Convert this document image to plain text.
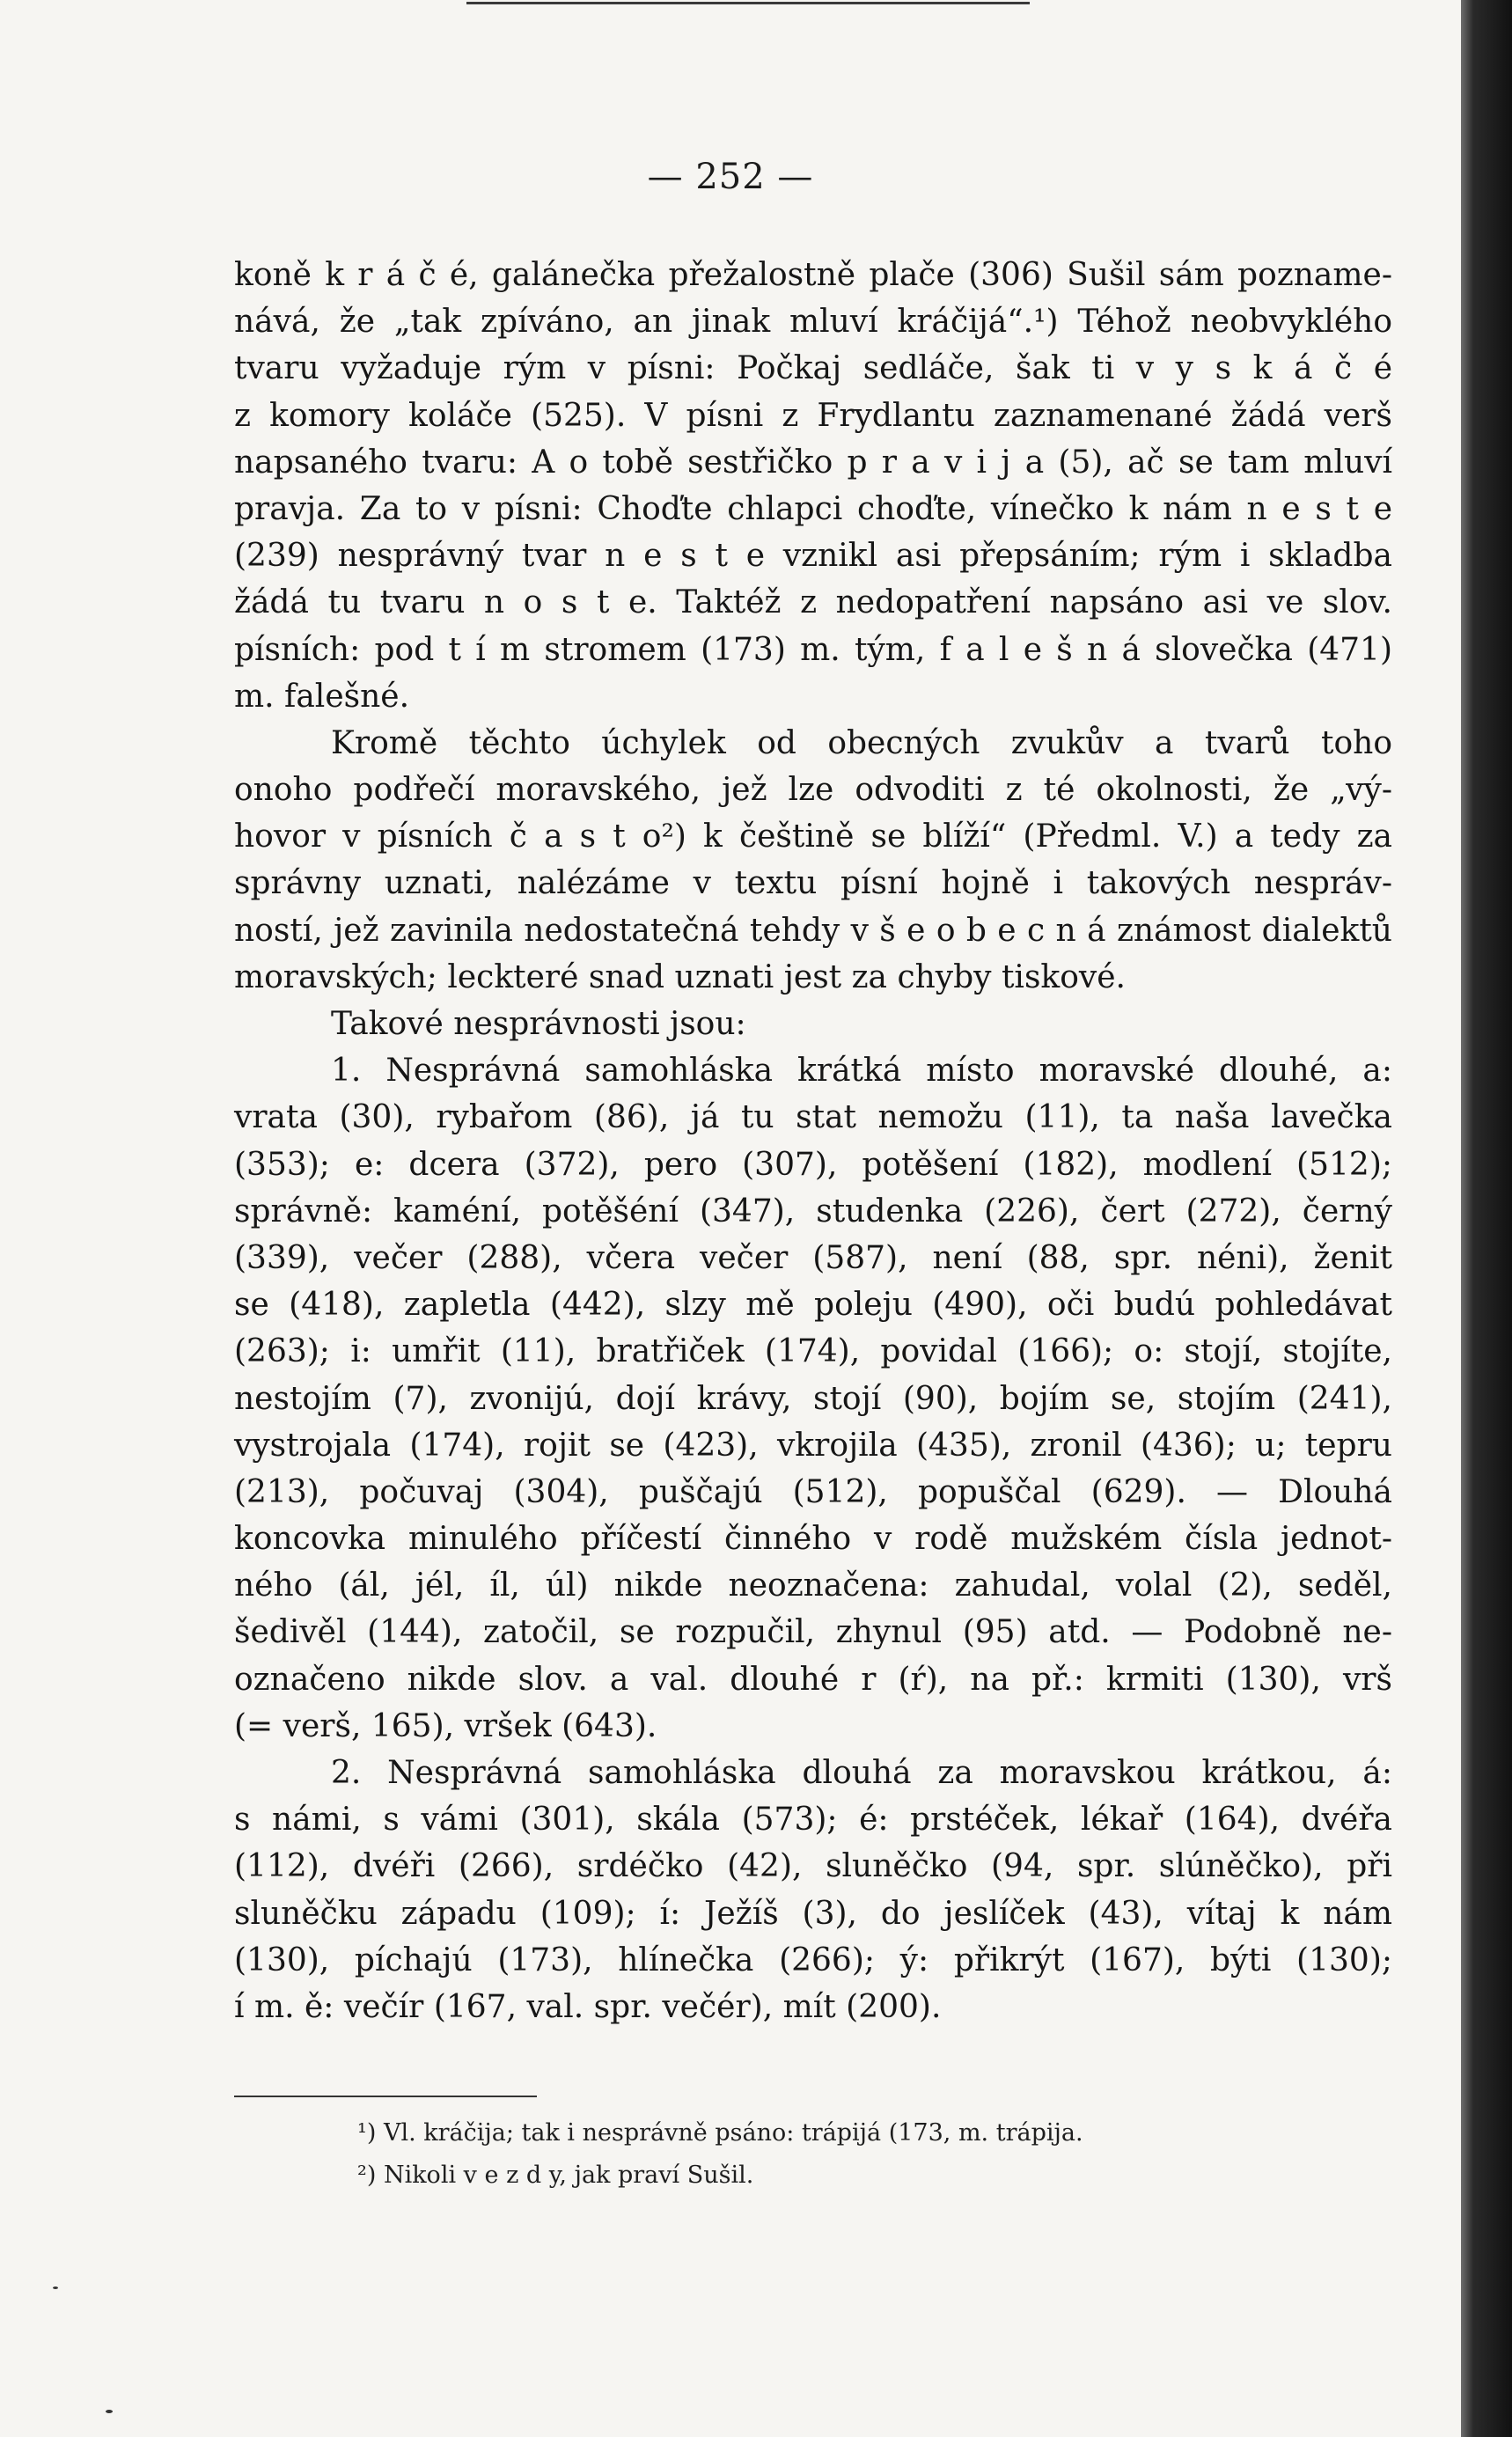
— 252 —
koně k r á č é, galánečka přežalostně plače (306) Sušil sám pozname-
nává, že „tak zpíváno, an jinak mluví kráčijá“.¹) Téhož neobvyklého
tvaru vyžaduje rým v písni: Počkaj sedláče, šak ti v y s k á č é
z komory koláče (525). V písni z Frydlantu zaznamenané žádá verš
napsaného tvaru: A o tobě sestřičko p r a v i j a (5), ač se tam mluví
pravja. Za to v písni: Choďte chlapci choďte, vínečko k nám n e s t e
(239) nesprávný tvar n e s t e vznikl asi přepsáním; rým i skladba
žádá tu tvaru n o s t e. Taktéž z nedopatření napsáno asi ve slov.
písních: pod t í m stromem (173) m. tým, f a l e š n á slovečka (471)
m. falešné.
Kromě těchto úchylek od obecných zvukův a tvarů toho
onoho podřečí moravského, jež lze odvoditi z té okolnosti, že „vý-
hovor v písních č a s t o²) k češtině se blíží“ (Předml. V.) a tedy za
správny uznati, nalézáme v textu písní hojně i takových nespráv-
ností, jež zavinila nedostatečná tehdy v š e o b e c n á známost dialektů
moravských; leckteré snad uznati jest za chyby tiskové.
Takové nesprávnosti jsou:
1. Nesprávná samohláska krátká místo moravské dlouhé, a:
vrata (30), rybařom (86), já tu stat nemožu (11), ta naša lavečka
(353); e: dcera (372), pero (307), potěšení (182), modlení (512);
správně: kaméní, potěšéní (347), studenka (226), čert (272), černý
(339), večer (288), včera večer (587), není (88, spr. néni), ženit
se (418), zapletla (442), slzy mě poleju (490), oči budú pohledávat
(263); i: umřit (11), bratřiček (174), povidal (166); o: stojí, stojíte,
nestojím (7), zvonijú, dojí krávy, stojí (90), bojím se, stojím (241),
vystrojala (174), rojit se (423), vkrojila (435), zronil (436); u; tepru
(213), počuvaj (304), puščajú (512), popuščal (629). — Dlouhá
koncovka minulého příčestí činného v rodě mužském čísla jednot-
ného (ál, jél, íl, úl) nikde neoznačena: zahudal, volal (2), seděl,
šedivěl (144), zatočil, se rozpučil, zhynul (95) atd. — Podobně ne-
označeno nikde slov. a val. dlouhé r (ŕ), na př.: krmiti (130), vrš
(= verš, 165), vršek (643).
2. Nesprávná samohláska dlouhá za moravskou krátkou, á:
s námi, s vámi (301), skála (573); é: prstéček, lékař (164), dvéřa
(112), dvéři (266), srdéčko (42), sluněčko (94, spr. slúněčko), při
sluněčku západu (109); í: Ježíš (3), do jeslíček (43), vítaj k nám
(130), píchajú (173), hlínečka (266); ý: přikrýt (167), býti (130);
í m. ě: večír (167, val. spr. večér), mít (200).
¹) Vl. kráčija; tak i nesprávně psáno: trápijá (173, m. trápija.
²) Nikoli v e z d y, jak praví Sušil.
